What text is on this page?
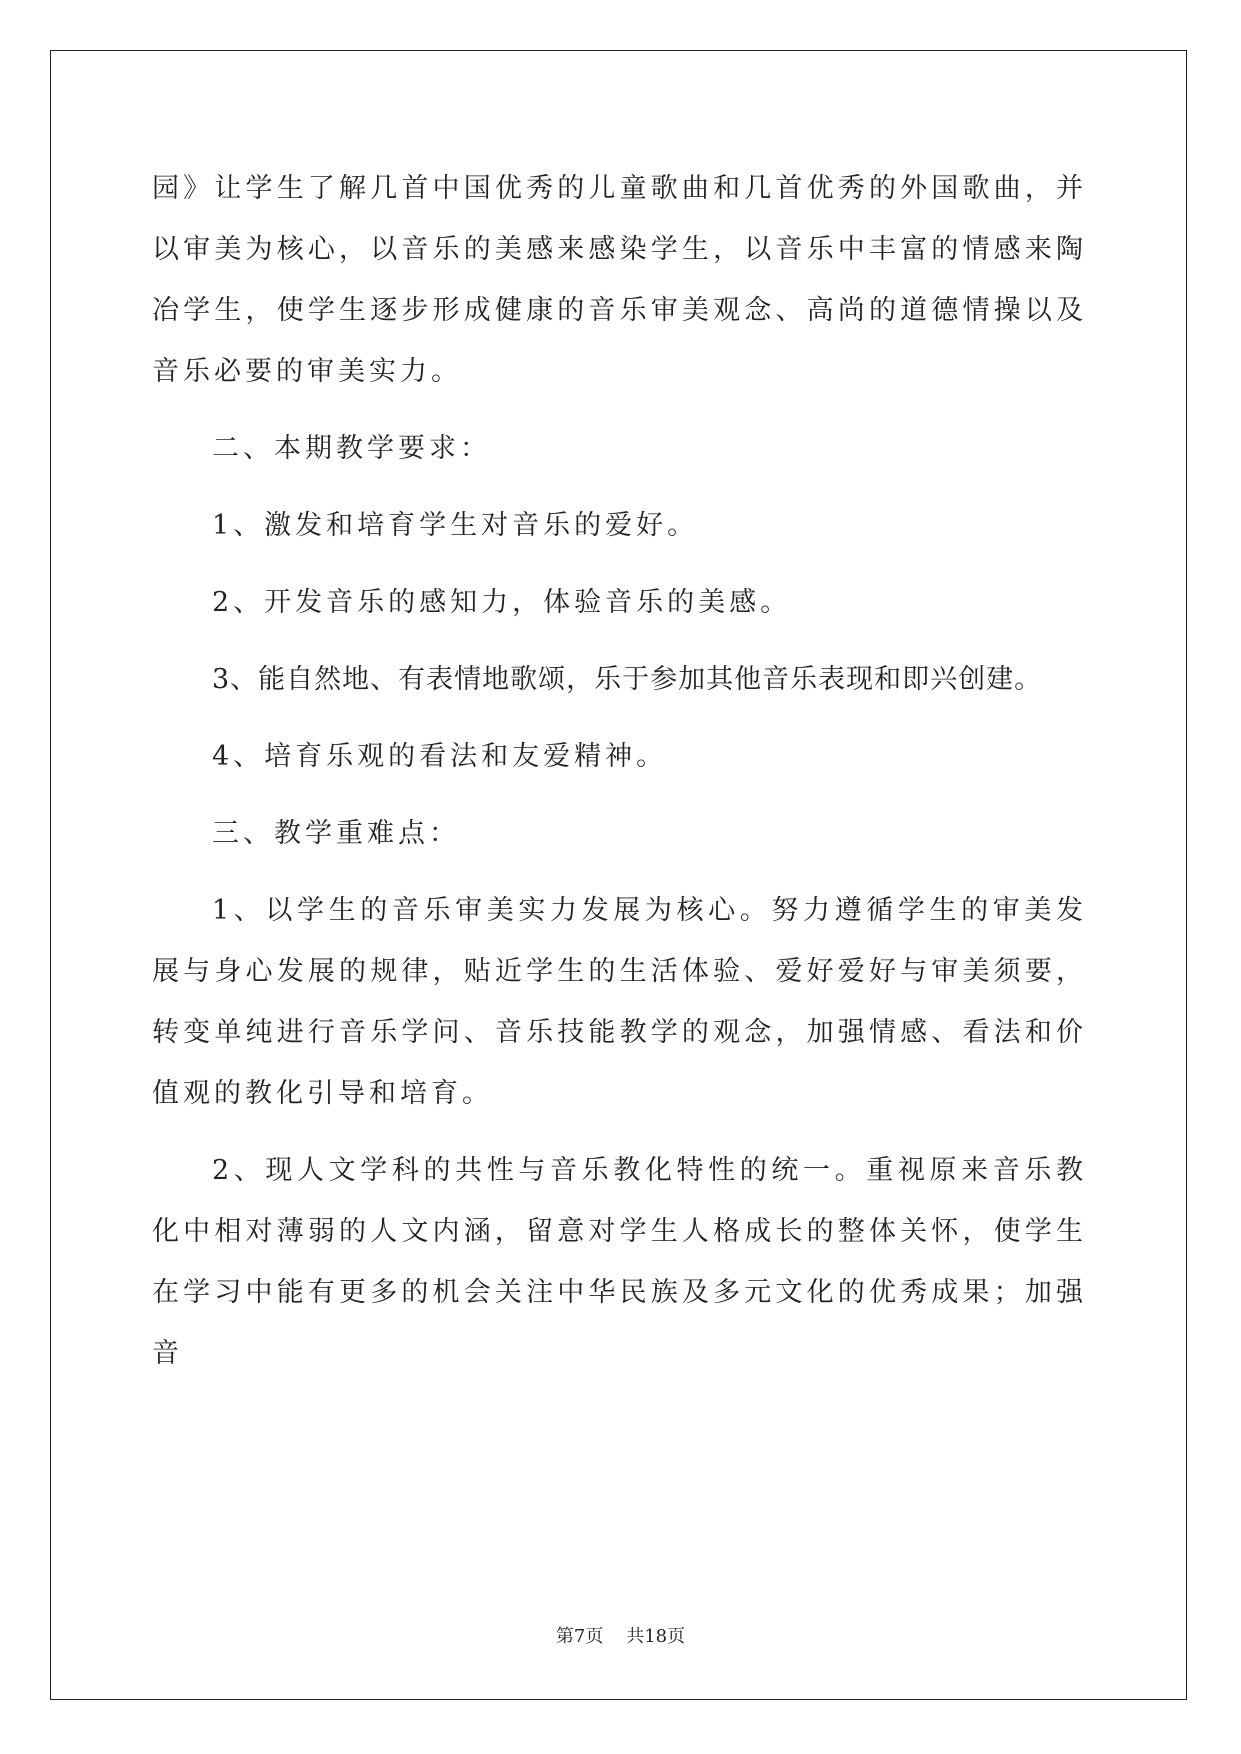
园》让学生了解几首中国优秀的儿童歌曲和几首优秀的外国歌曲，并以审美为核心，以音乐的美感来感染学生，以音乐中丰富的情感来陶冶学生，使学生逐步形成健康的音乐审美观念、高尚的道德情操以及音乐必要的审美实力。

二、本期教学要求：

1、激发和培育学生对音乐的爱好。

2、开发音乐的感知力，体验音乐的美感。

3、能自然地、有表情地歌颂，乐于参加其他音乐表现和即兴创建。

4、培育乐观的看法和友爱精神。

三、教学重难点：

1、以学生的音乐审美实力发展为核心。努力遵循学生的审美发展与身心发展的规律，贴近学生的生活体验、爱好爱好与审美须要，转变单纯进行音乐学问、音乐技能教学的观念，加强情感、看法和价值观的教化引导和培育。

2、现人文学科的共性与音乐教化特性的统一。重视原来音乐教化中相对薄弱的人文内涵，留意对学生人格成长的整体关怀，使学生在学习中能有更多的机会关注中华民族及多元文化的优秀成果；加强音

第7页    共18页
